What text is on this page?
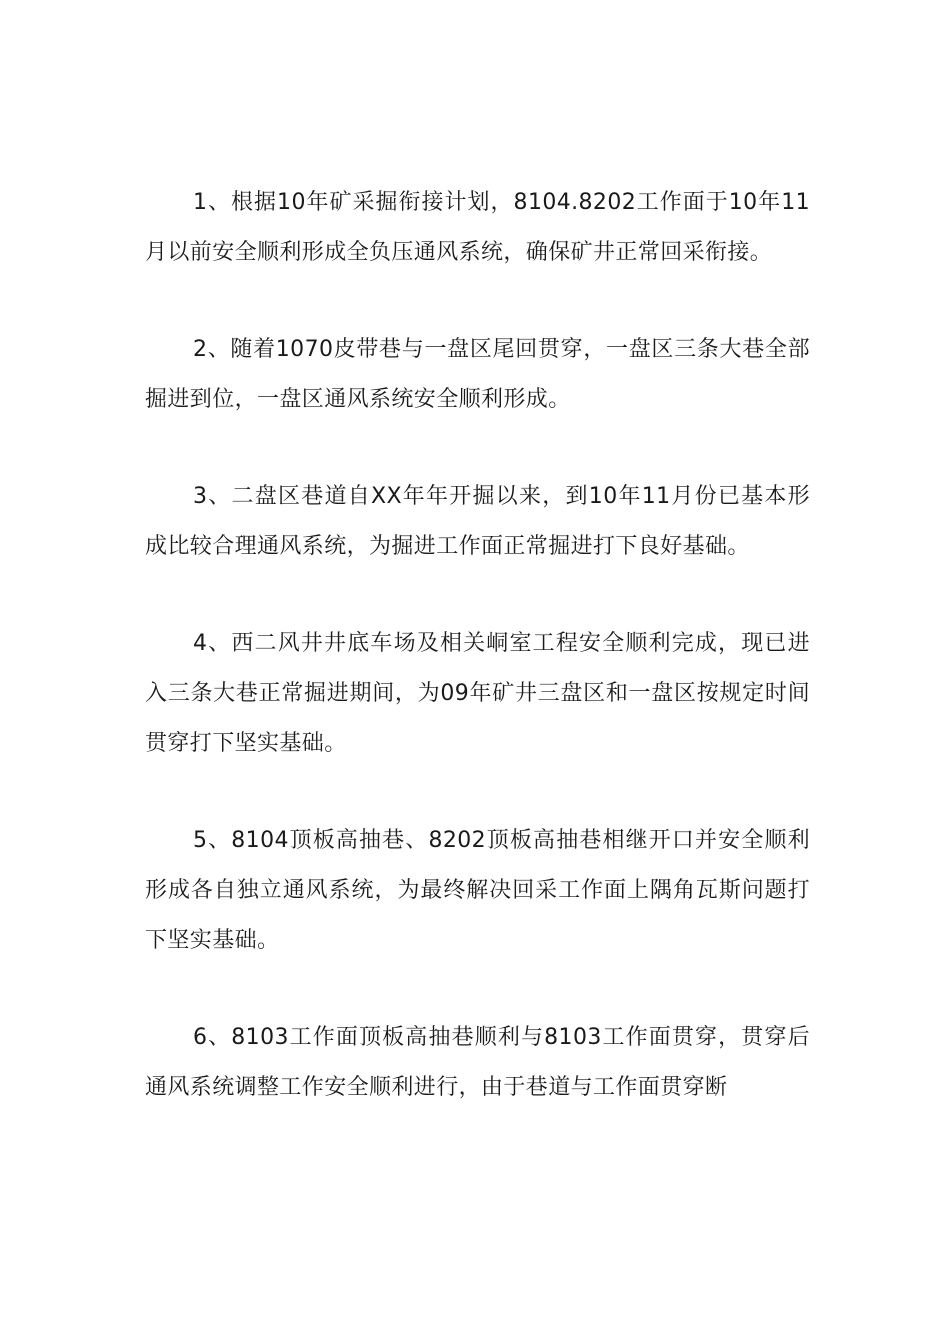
1、根据10年矿采掘衔接计划，8104.8202工作面于10年11月以前安全顺利形成全负压通风系统，确保矿井正常回采衔接。

2、随着1070皮带巷与一盘区尾回贯穿，一盘区三条大巷全部掘进到位，一盘区通风系统安全顺利形成。

3、二盘区巷道自XX年年开掘以来，到10年11月份已基本形成比较合理通风系统，为掘进工作面正常掘进打下良好基础。

4、西二风井井底车场及相关峒室工程安全顺利完成，现已进入三条大巷正常掘进期间，为09年矿井三盘区和一盘区按规定时间贯穿打下坚实基础。

5、8104顶板高抽巷、8202顶板高抽巷相继开口并安全顺利形成各自独立通风系统，为最终解决回采工作面上隅角瓦斯问题打下坚实基础。

6、8103工作面顶板高抽巷顺利与8103工作面贯穿，贯穿后通风系统调整工作安全顺利进行，由于巷道与工作面贯穿断
